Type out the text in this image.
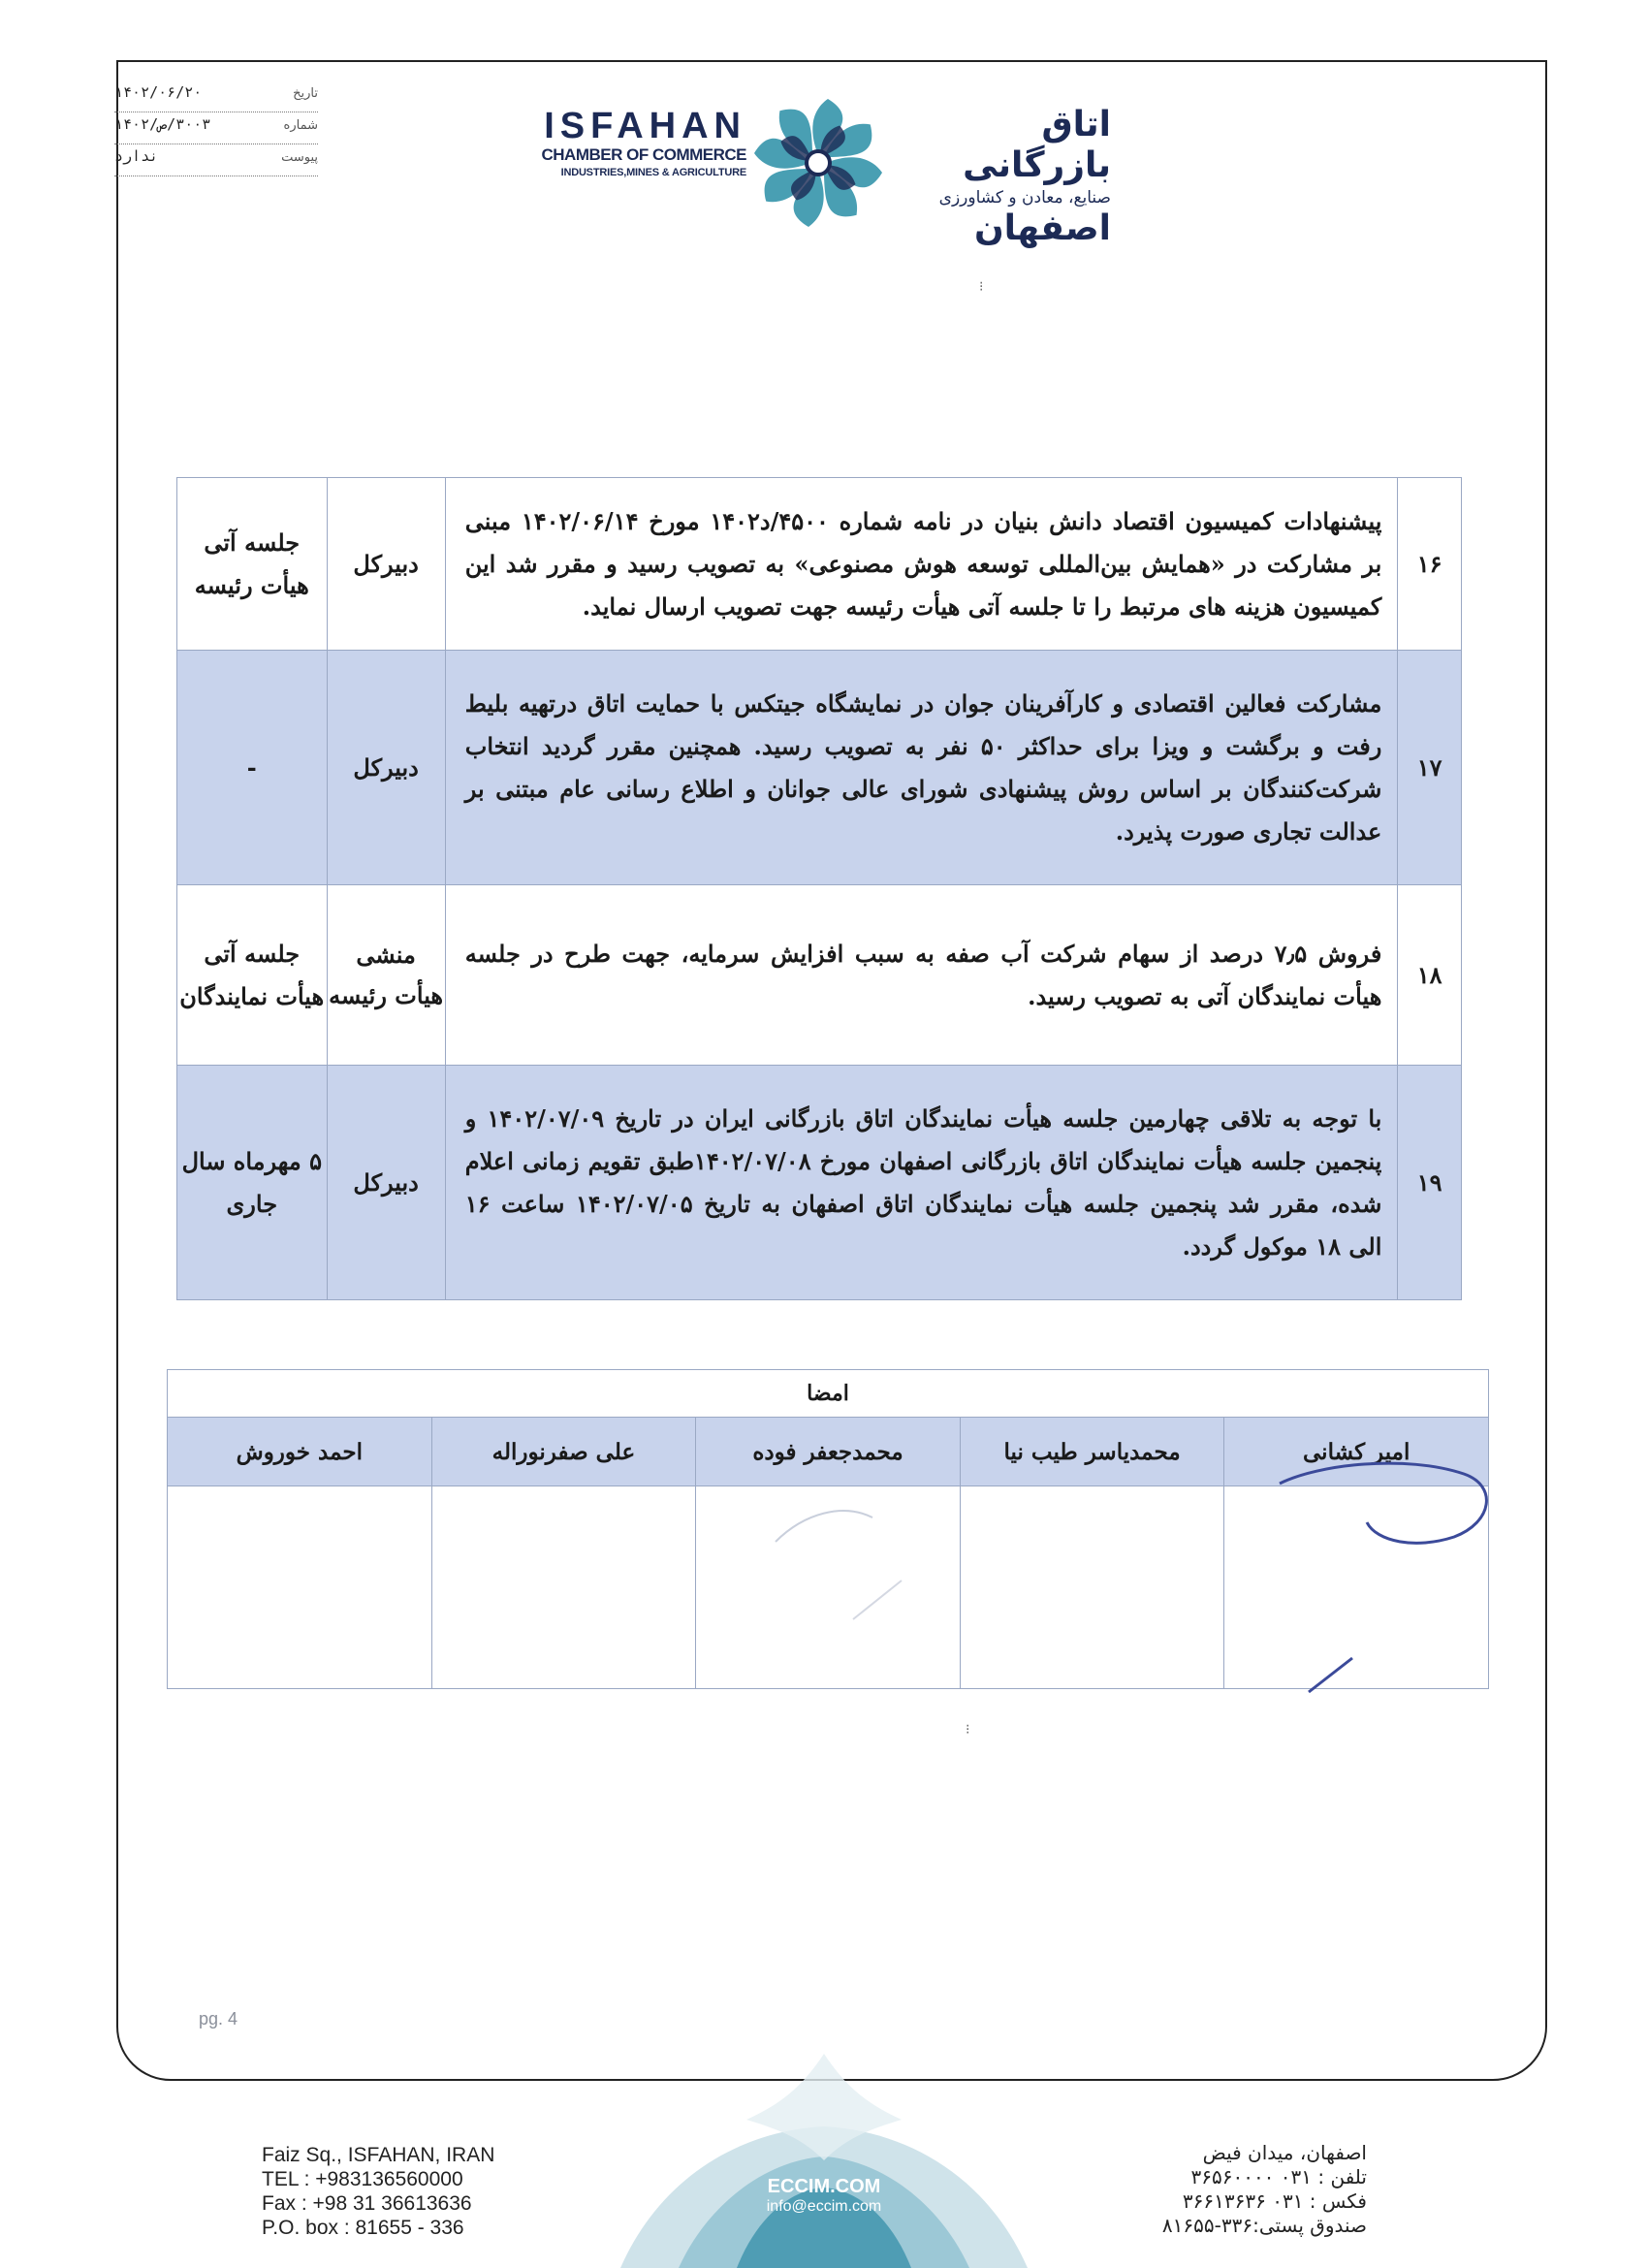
تاریخ
۱۴۰۲/۰۶/۲۰
شماره
۳۰۰۳/ص/۱۴۰۲
پیوست
ندارد
ISFAHAN
CHAMBER OF COMMERCE
INDUSTRIES,MINES & AGRICULTURE
اتاق بازرگانی
صنایع، معادن و کشاورزی
اصفهان
⁝
۱۶	پیشنهادات کمیسیون اقتصاد دانش بنیان در نامه شماره ۴۵۰۰/د۱۴۰۲ مورخ ۱۴۰۲/۰۶/۱۴ مبنی بر مشارکت در «همایش بین‌المللی توسعه هوش مصنوعی» به تصویب رسید و مقرر شد این کمیسیون هزینه های مرتبط را تا جلسه آتی هیأت رئیسه جهت تصویب ارسال نماید.	دبیرکل	جلسه آتی هیأت رئیسه
۱۷	مشارکت فعالین اقتصادی و کارآفرینان جوان در نمایشگاه جیتکس با حمایت اتاق درتهیه بلیط رفت و برگشت و ویزا برای حداکثر ۵۰ نفر به تصویب رسید. همچنین مقرر گردید انتخاب شرکت‌کنندگان بر اساس روش پیشنهادی شورای عالی جوانان و اطلاع رسانی عام مبتنی بر عدالت تجاری صورت پذیرد.	دبیرکل	-
۱۸	فروش ۷٫۵ درصد از سهام شرکت آب صفه به سبب افزایش سرمایه، جهت طرح در جلسه هیأت نمایندگان آتی به تصویب رسید.	منشی هیأت رئیسه	جلسه آتی هیأت نمایندگان
۱۹	با توجه به تلاقی چهارمین جلسه هیأت نمایندگان اتاق بازرگانی ایران در تاریخ ۱۴۰۲/۰۷/۰۹ و پنجمین جلسه هیأت نمایندگان اتاق بازرگانی اصفهان مورخ ۱۴۰۲/۰۷/۰۸طبق تقویم زمانی اعلام شده، مقرر شد پنجمین جلسه هیأت نمایندگان اتاق اصفهان به تاریخ ۱۴۰۲/۰۷/۰۵ ساعت ۱۶ الی ۱۸ موکول گردد.	دبیرکل	۵ مهرماه سال جاری
امضا				
امیر کشانی	محمدیاسر طیب نیا	محمدجعفر فوده	علی صفرنوراله	احمد خوروش

⁝
pg. 4
ECCIM.COM
info@eccim.com
Faiz Sq., ISFAHAN, IRAN
TEL : +983136560000
Fax : +98 31 36613636
P.O. box : 81655 - 336
اصفهان، میدان فیض
تلفن : ۰۳۱ ۳۶۵۶۰۰۰۰
فکس : ۰۳۱ ۳۶۶۱۳۶۳۶
صندوق پستی:۳۳۶-۸۱۶۵۵
